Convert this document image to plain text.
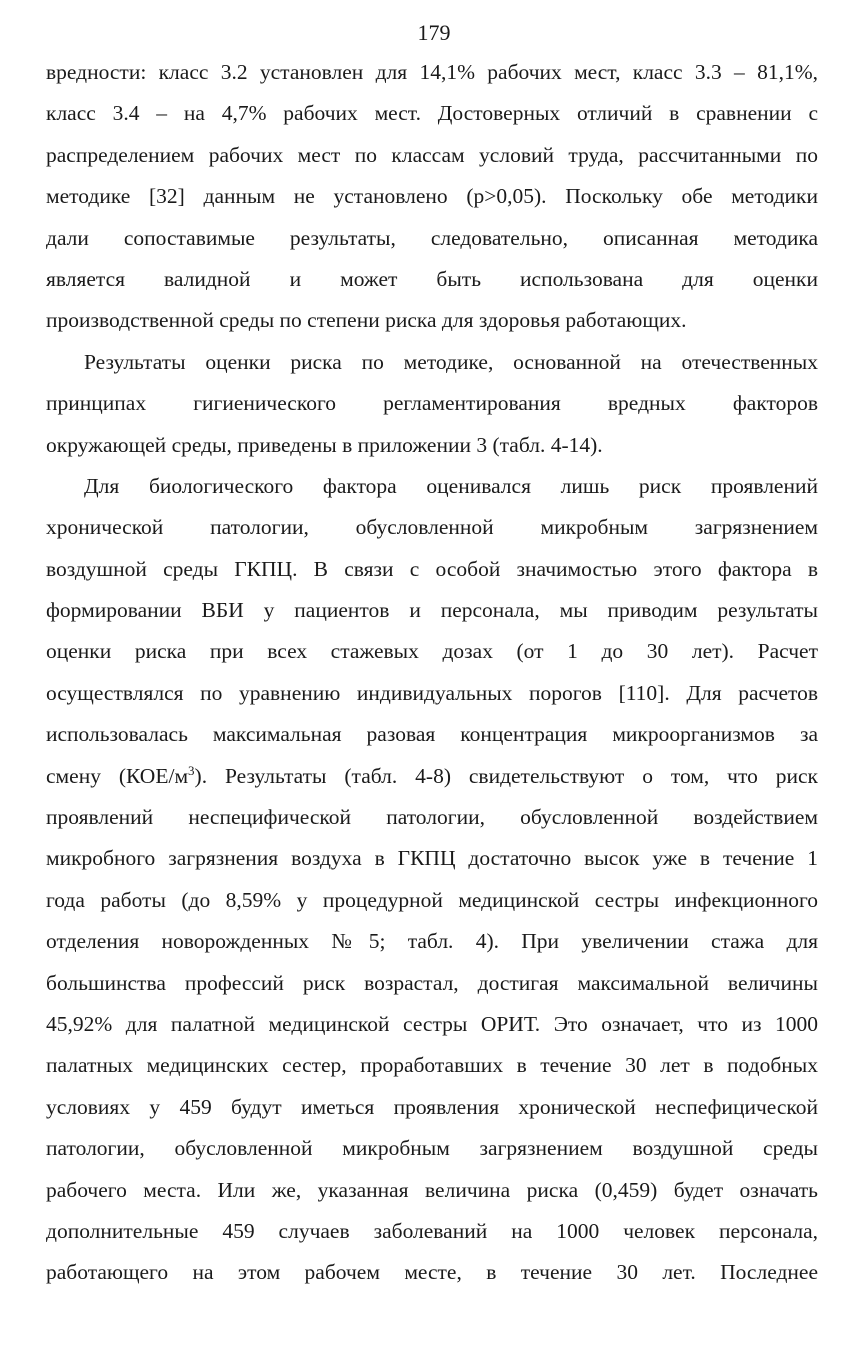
179
вредности: класс 3.2 установлен для 14,1% рабочих мест, класс 3.3 – 81,1%,
класс 3.4 – на 4,7% рабочих мест. Достоверных отличий в сравнении с
распределением рабочих мест по классам условий труда, рассчитанными по
методике [32] данным не установлено (p>0,05). Поскольку обе методики
дали сопоставимые результаты, следовательно, описанная методика
является валидной и может быть использована для оценки
производственной среды по степени риска для здоровья работающих.
Результаты оценки риска по методике, основанной на отечественных
принципах гигиенического регламентирования вредных факторов
окружающей среды, приведены в приложении 3 (табл. 4-14).
Для биологического фактора оценивался лишь риск проявлений
хронической патологии, обусловленной микробным загрязнением
воздушной среды ГКПЦ. В связи с особой значимостью этого фактора в
формировании ВБИ у пациентов и персонала, мы приводим результаты
оценки риска при всех стажевых дозах (от 1 до 30 лет). Расчет
осуществлялся по уравнению индивидуальных порогов [110]. Для расчетов
использовалась максимальная разовая концентрация микроорганизмов за
смену $(КОЕ/м^3)$. Результаты (табл. 4-8) свидетельствуют о том, что риск
проявлений неспецифической патологии, обусловленной воздействием
микробного загрязнения воздуха в ГКПЦ достаточно высок уже в течение 1
года работы (до 8,59% у процедурной медицинской сестры инфекционного
отделения новорожденных №5; табл. 4). При увеличении стажа для
большинства профессий риск возрастал, достигая максимальной величины
45,92% для палатной медицинской сестры ОРИТ. Это означает, что из 1000
палатных медицинских сестер, проработавших в течение 30 лет в подобных
условиях у 459 будут иметься проявления хронической неспефицической
патологии, обусловленной микробным загрязнением воздушной среды
рабочего места. Или же, указанная величина риска (0,459) будет означать
дополнительные 459 случаев заболеваний на 1000 человек персонала,
работающего на этом рабочем месте, в течение 30 лет. Последнее
